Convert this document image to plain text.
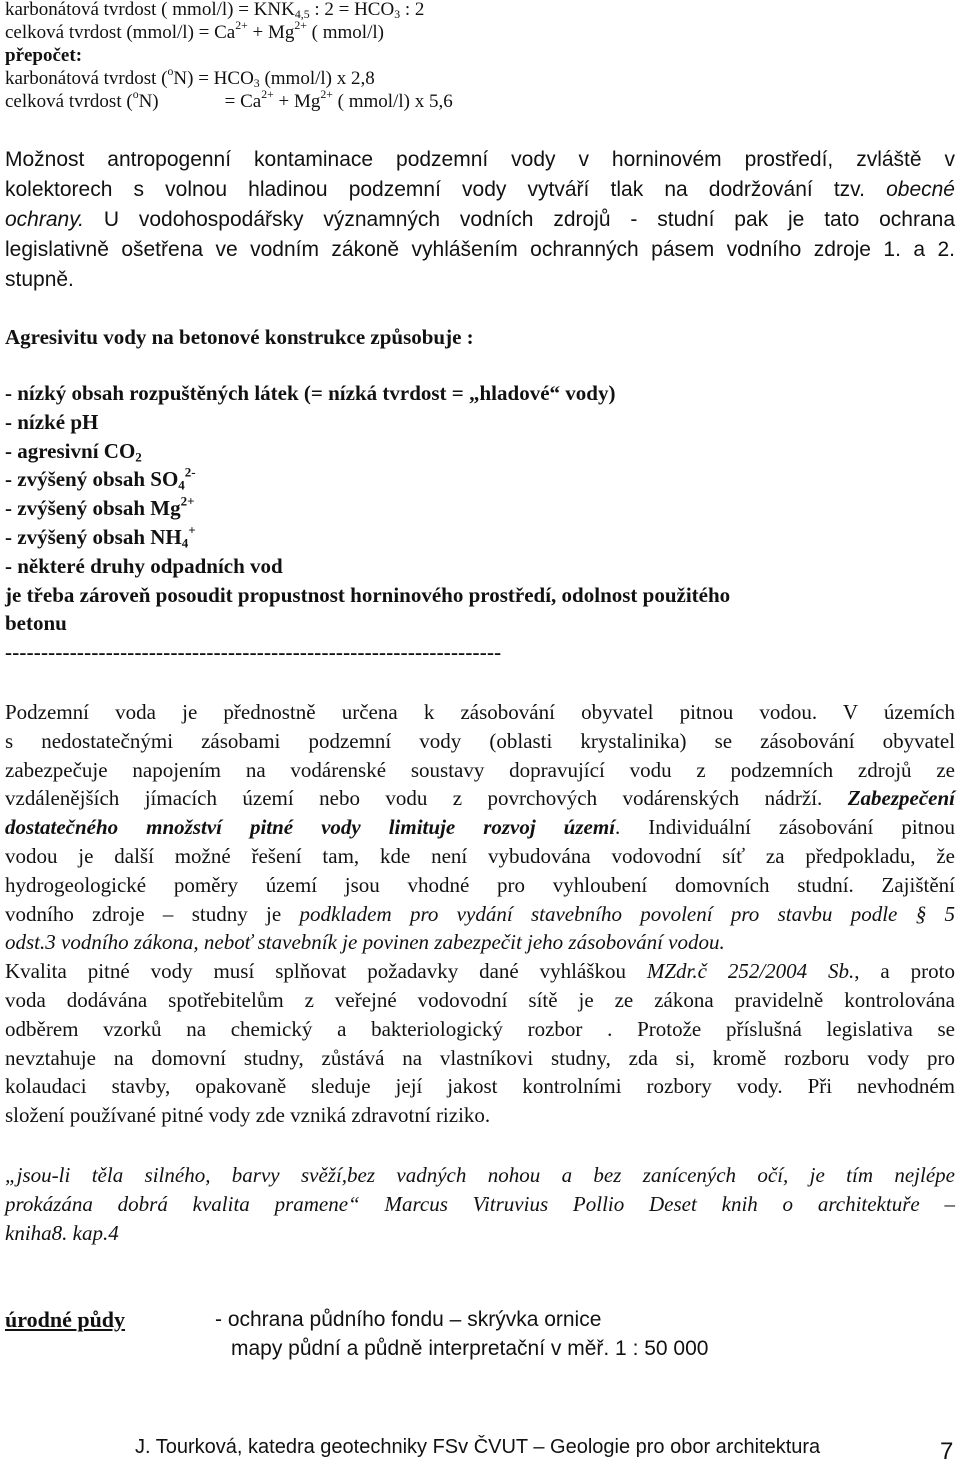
karbonátová tvrdost ( mmol/l) = $KNK_{4,5}$ : $2 = HCO_3$ : 2
celková tvrdost (mmol/l) = $Ca^{2+} + Mg^{2+}$ ( mmol/l)
přepočet:
karbonátová tvrdost $(^oN) = HCO_3$ (mmol/l) x 2,8
celková tvrdost ($^o$N)	= $Ca^{2+} + Mg^{2+}$ ( mmol/l) x 5,6
Možnost antropogenní kontaminace podzemní vody v horninovém prostředí, zvláště v
kolektorech s volnou hladinou podzemní vody vytváří tlak na dodržování tzv. obecné
ochrany. U vodohospodářsky významných vodních zdrojů - studní pak je tato ochrana
legislativně ošetřena ve vodním zákoně vyhlášením ochranných pásem vodního zdroje 1. a 2.
stupně.
Agresivitu vody na betonové konstrukce způsobuje :
- nízký obsah rozpuštěných látek (= nízká tvrdost = „hladové“ vody)
- nízké pH
- agresivní $CO_2$
- zvýšený obsah $SO_4^{2-}$
- zvýšený obsah $Mg^{2+}$
- zvýšený obsah $NH_4^+$
- některé druhy odpadních vod
je třeba zároveň posoudit propustnost horninového prostředí, odolnost použitého
betonu
---------------------------------------------------------------------
Podzemní voda je přednostně určena k zásobování obyvatel pitnou vodou. V územích
s nedostatečnými zásobami podzemní vody (oblasti krystalinika) se zásobování obyvatel
zabezpečuje napojením na vodárenské soustavy dopravující vodu z podzemních zdrojů ze
vzdálenějších jímacích území nebo vodu z povrchových vodárenských nádrží. Zabezpečení
dostatečného množství pitné vody limituje rozvoj území. Individuální zásobování pitnou
vodou je další možné řešení tam, kde není vybudována vodovodní síť za předpokladu, že
hydrogeologické poměry území jsou vhodné pro vyhloubení domovních studní. Zajištění
vodního zdroje – studny je podkladem pro vydání stavebního povolení pro stavbu podle § 5
odst.3 vodního zákona, neboť stavebník je povinen zabezpečit jeho zásobování vodou.
Kvalita pitné vody musí splňovat požadavky dané vyhláškou MZdr.č 252/2004 Sb., a proto
voda dodávána spotřebitelům z veřejné vodovodní sítě je ze zákona pravidelně kontrolována
odběrem vzorků na chemický a bakteriologický rozbor . Protože příslušná legislativa se
nevztahuje na domovní studny, zůstává na vlastníkovi studny, zda si, kromě rozboru vody pro
kolaudaci stavby, opakovaně sleduje její jakost kontrolními rozbory vody. Při nevhodném
složení používané pitné vody zde vzniká zdravotní riziko.
„jsou-li těla silného, barvy svěží,bez vadných nohou a bez zanícených očí, je tím nejlépe
prokázána dobrá kvalita pramene“ Marcus Vitruvius Pollio Deset knih o architektuře –
kniha8. kap.4
úrodné půdy	- ochrana půdního fondu – skrývka ornice
mapy půdní a půdně interpretační v měř. 1 : 50 000
J. Tourková, katedra geotechniky FSv ČVUT – Geologie pro obor architektura	7
